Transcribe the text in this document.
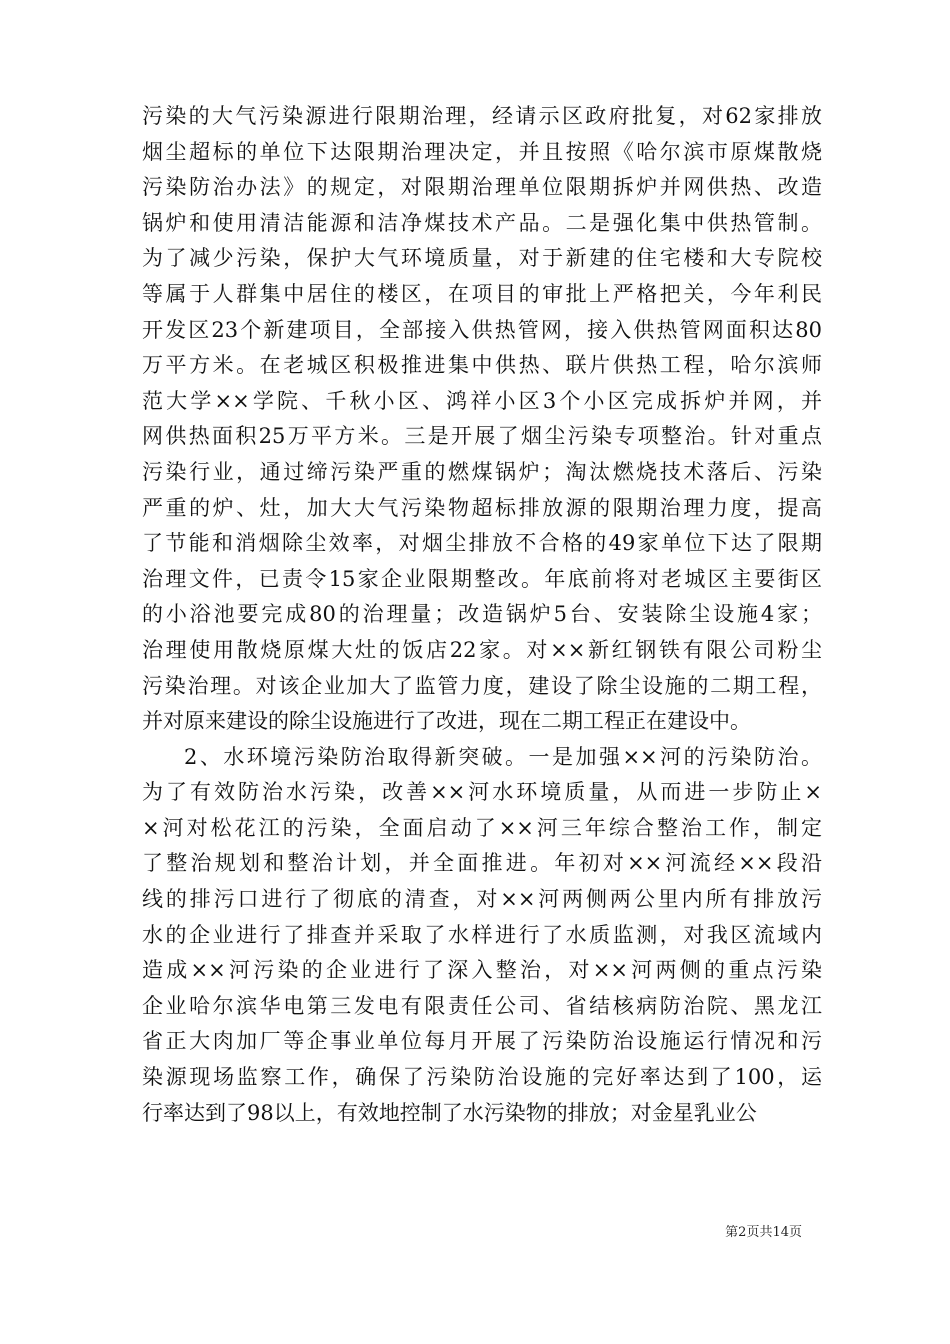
污染的大气污染源进行限期治理，经请示区政府批复，对62家排放
烟尘超标的单位下达限期治理决定，并且按照《哈尔滨市原煤散烧
污染防治办法》的规定，对限期治理单位限期拆炉并网供热、改造
锅炉和使用清洁能源和洁净煤技术产品。二是强化集中供热管制。
为了减少污染，保护大气环境质量，对于新建的住宅楼和大专院校
等属于人群集中居住的楼区，在项目的审批上严格把关，今年利民
开发区23个新建项目，全部接入供热管网，接入供热管网面积达80
万平方米。在老城区积极推进集中供热、联片供热工程，哈尔滨师
范大学××学院、千秋小区、鸿祥小区3个小区完成拆炉并网，并
网供热面积25万平方米。三是开展了烟尘污染专项整治。针对重点
污染行业，通过缔污染严重的燃煤锅炉；淘汰燃烧技术落后、污染
严重的炉、灶，加大大气污染物超标排放源的限期治理力度，提高
了节能和消烟除尘效率，对烟尘排放不合格的49家单位下达了限期
治理文件，已责令15家企业限期整改。年底前将对老城区主要街区
的小浴池要完成80的治理量；改造锅炉5台、安装除尘设施4家；
治理使用散烧原煤大灶的饭店22家。对××新红钢铁有限公司粉尘
污染治理。对该企业加大了监管力度，建设了除尘设施的二期工程，
并对原来建设的除尘设施进行了改进，现在二期工程正在建设中。
2、水环境污染防治取得新突破。一是加强××河的污染防治。
为了有效防治水污染，改善××河水环境质量，从而进一步防止×
×河对松花江的污染，全面启动了××河三年综合整治工作，制定
了整治规划和整治计划，并全面推进。年初对××河流经××段沿
线的排污口进行了彻底的清查，对××河两侧两公里内所有排放污
水的企业进行了排查并采取了水样进行了水质监测，对我区流域内
造成××河污染的企业进行了深入整治，对××河两侧的重点污染
企业哈尔滨华电第三发电有限责任公司、省结核病防治院、黑龙江
省正大肉加厂等企事业单位每月开展了污染防治设施运行情况和污
染源现场监察工作，确保了污染防治设施的完好率达到了100，运
行率达到了98以上，有效地控制了水污染物的排放；对金星乳业公
第2页共14页
